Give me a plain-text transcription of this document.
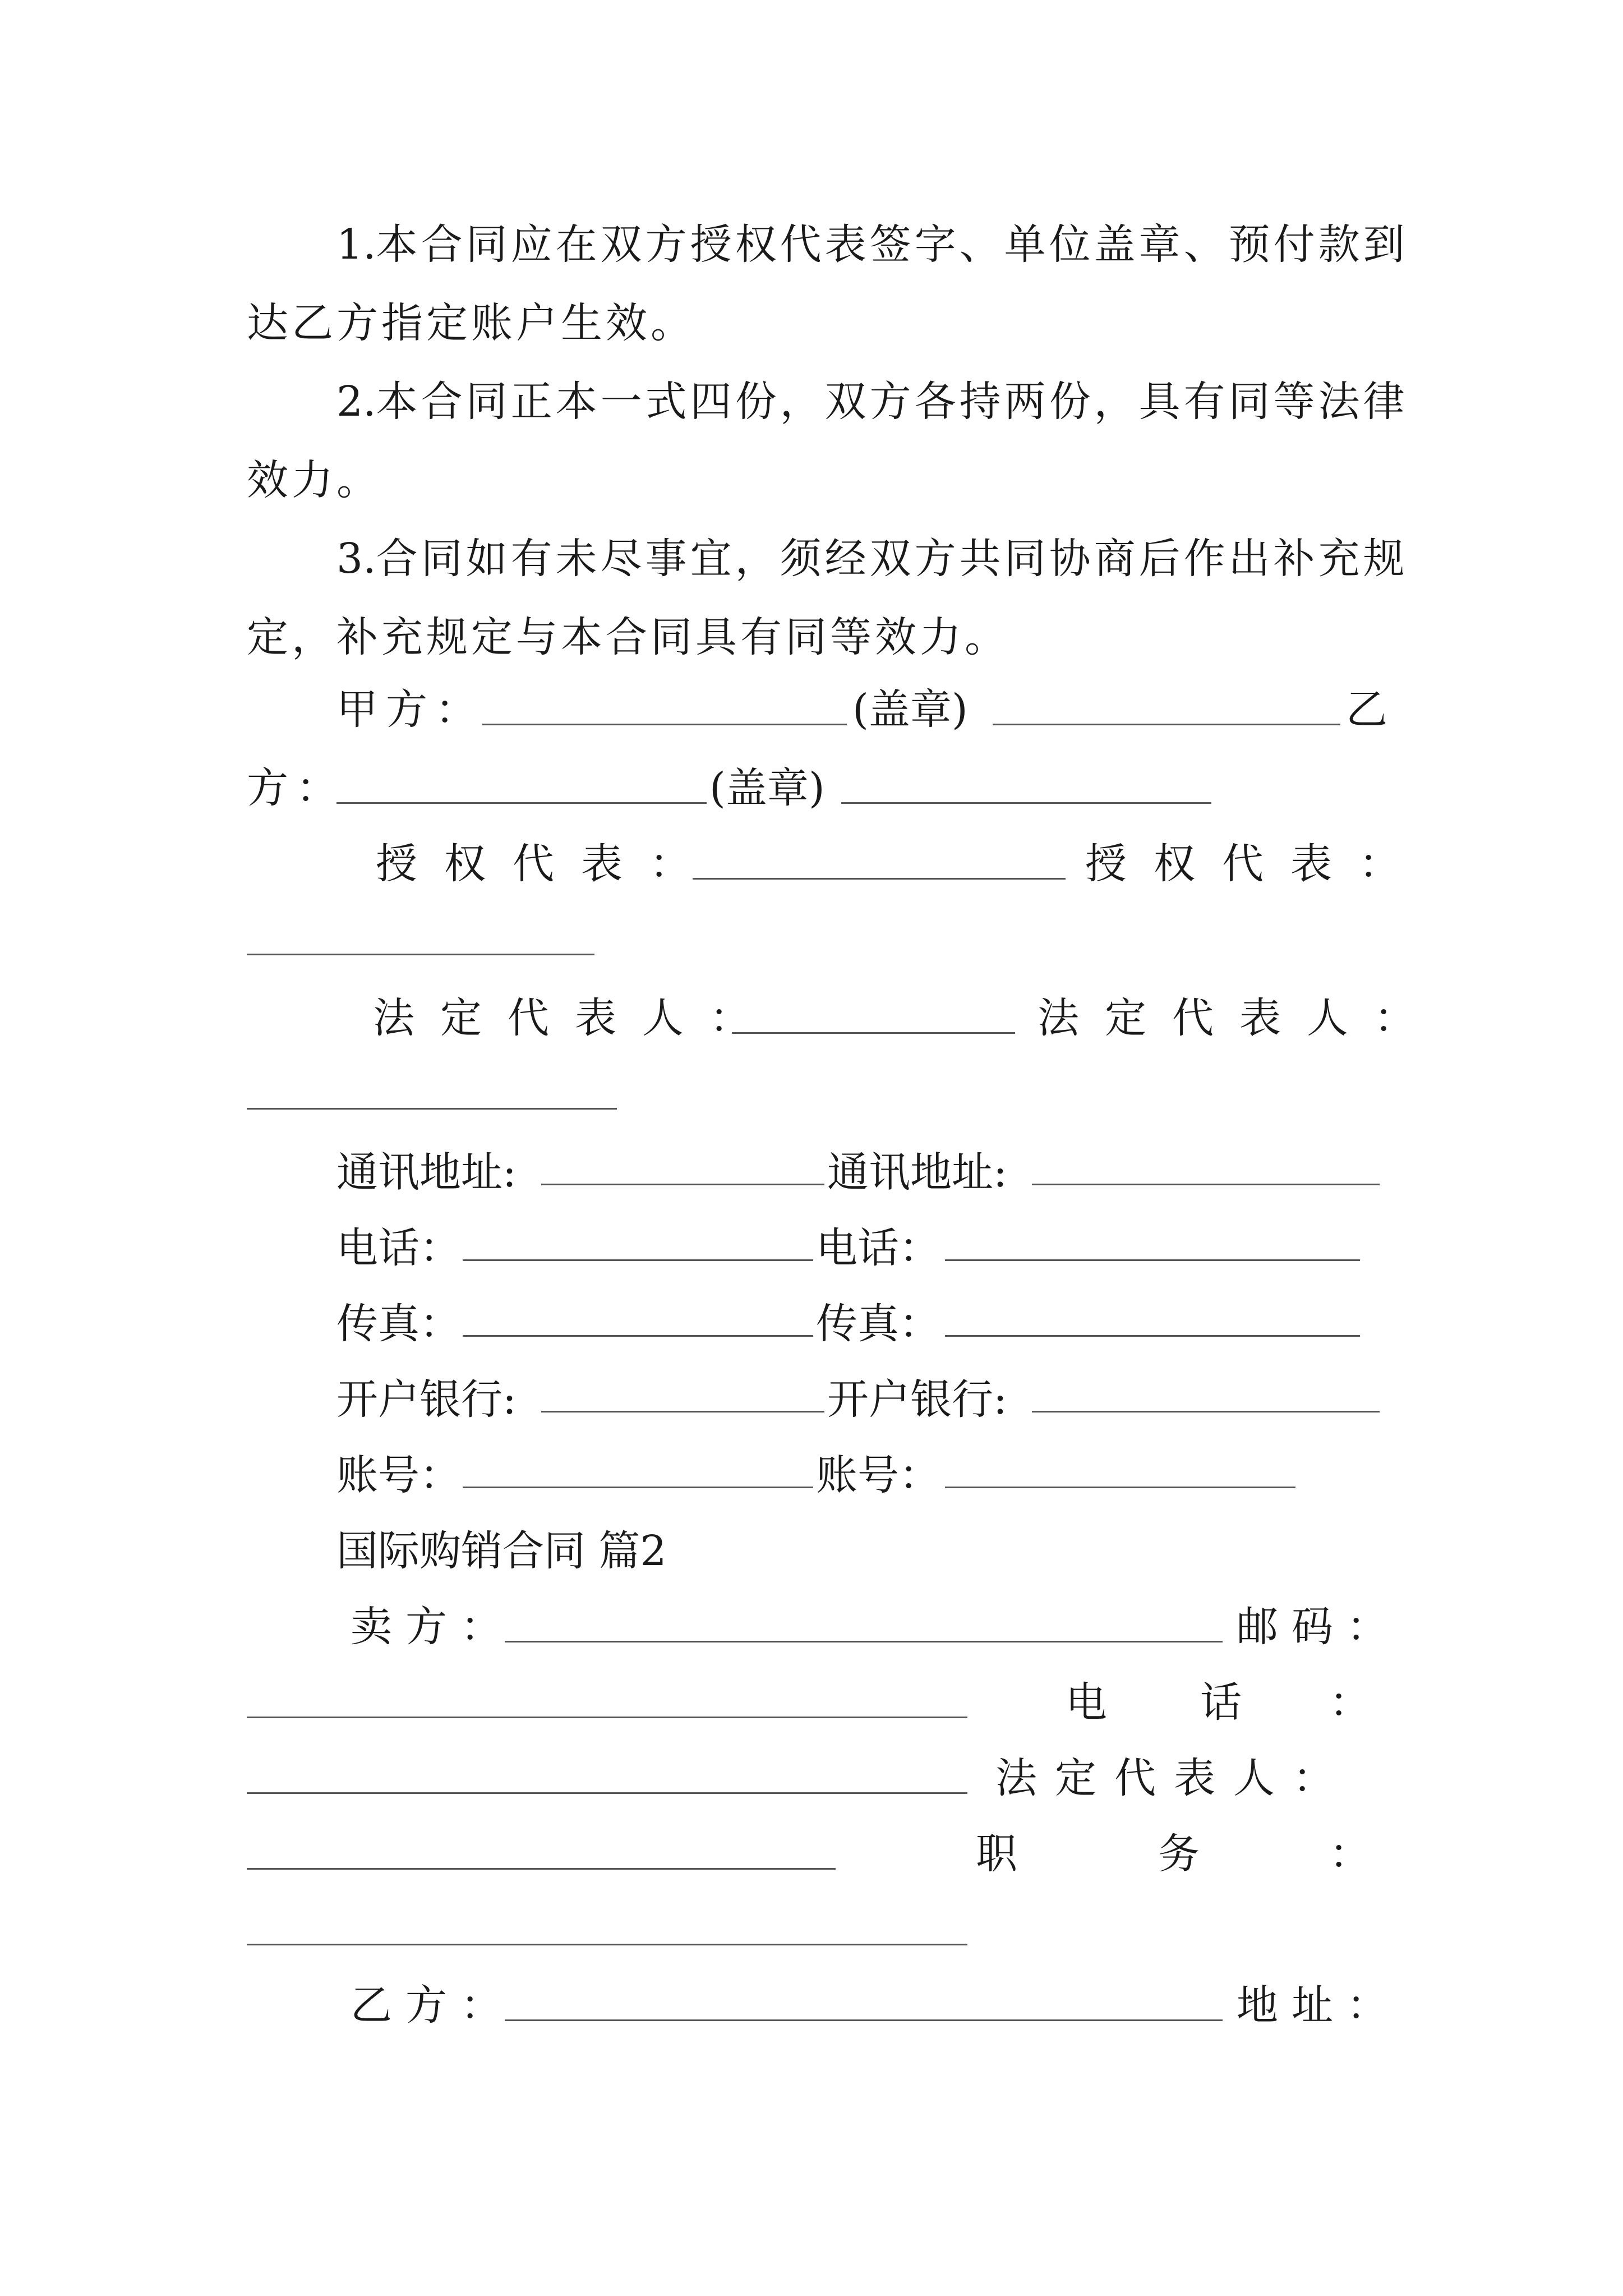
1.本合同应在双方授权代表签字、单位盖章、预付款到
达乙方指定账户生效。
2.本合同正本一式四份，双方各持两份，具有同等法律
效力。
3.合同如有未尽事宜，须经双方共同协商后作出补充规
定，补充规定与本合同具有同等效力。
甲方：	(盖章)	乙
方：	(盖章)
授权代表：	授权代表：
法定代表人：	法定代表人：
通讯地址:	通讯地址:
电话：	电话：
传真：	传真：
开户银行:	开户银行:
账号：	账号：
国际购销合同 篇2
卖方：	邮码：
电 话 ：
法定代表人：
职	务	：
乙方：	地址：
